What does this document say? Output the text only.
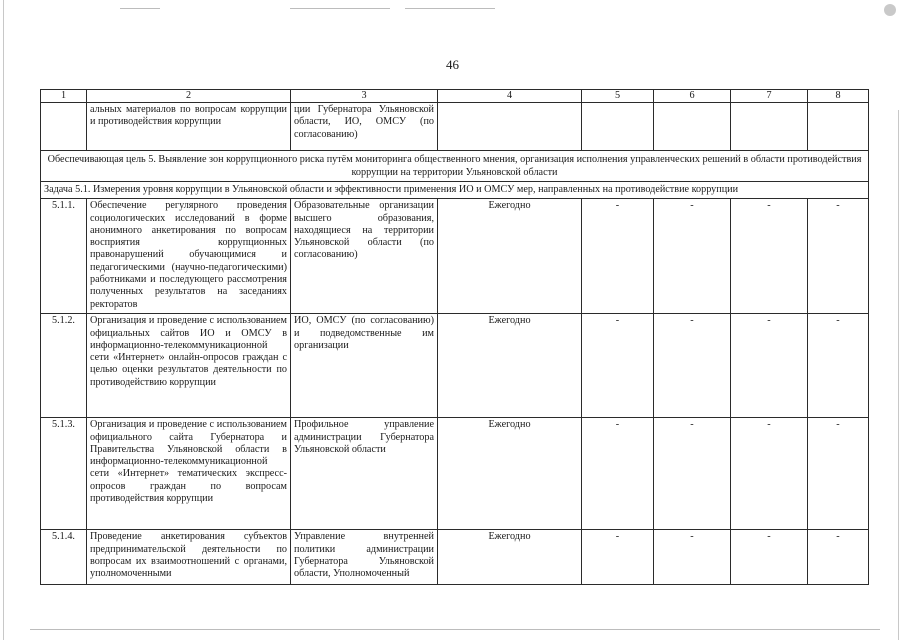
46
1	2	3	4	5	6	7	8
	альных материалов по вопросам коррупции и противодействия коррупции	ции Губернатора Ульяновской области, ИО, ОМСУ (по согласованию)					
Обеспечивающая цель 5. Выявление зон коррупционного риска путём мониторинга общественного мнения, организация исполнения управленческих решений в области противодействия коррупции на территории Ульяновской области							
Задача 5.1. Измерения уровня коррупции в Ульяновской области и эффективности применения ИО и ОМСУ мер, направленных на противодействие коррупции							
5.1.1.	Обеспечение регулярного проведения социологических исследований в форме анонимного анкетирования по вопросам восприятия коррупционных правонарушений обучающимися и педагогическими (научно-педагогическими) работниками и последующего рассмотрения полученных результатов на заседаниях ректоратов	Образовательные организации высшего образования, находящиеся на территории Ульяновской области (по согласованию)	Ежегодно	-	-	-	-
5.1.2.	Организация и проведение с использованием официальных сайтов ИО и ОМСУ в информационно-телекоммуникационной сети «Интернет» онлайн-опросов граждан с целью оценки результатов деятельности по противодействию коррупции	ИО, ОМСУ (по согласованию) и подведомственные им организации	Ежегодно	-	-	-	-
5.1.3.	Организация и проведение с использованием официального сайта Губернатора и Правительства Ульяновской области в информационно-телекоммуникационной сети «Интернет» тематических экспресс-опросов граждан по вопросам противодействия коррупции	Профильное управление администрации Губернатора Ульяновской области	Ежегодно	-	-	-	-
5.1.4.	Проведение анкетирования субъектов предпринимательской деятельности по вопросам их взаимоотношений с органами, уполномоченными	Управление внутренней политики администрации Губернатора Ульяновской области, Уполномоченный	Ежегодно	-	-	-	-
